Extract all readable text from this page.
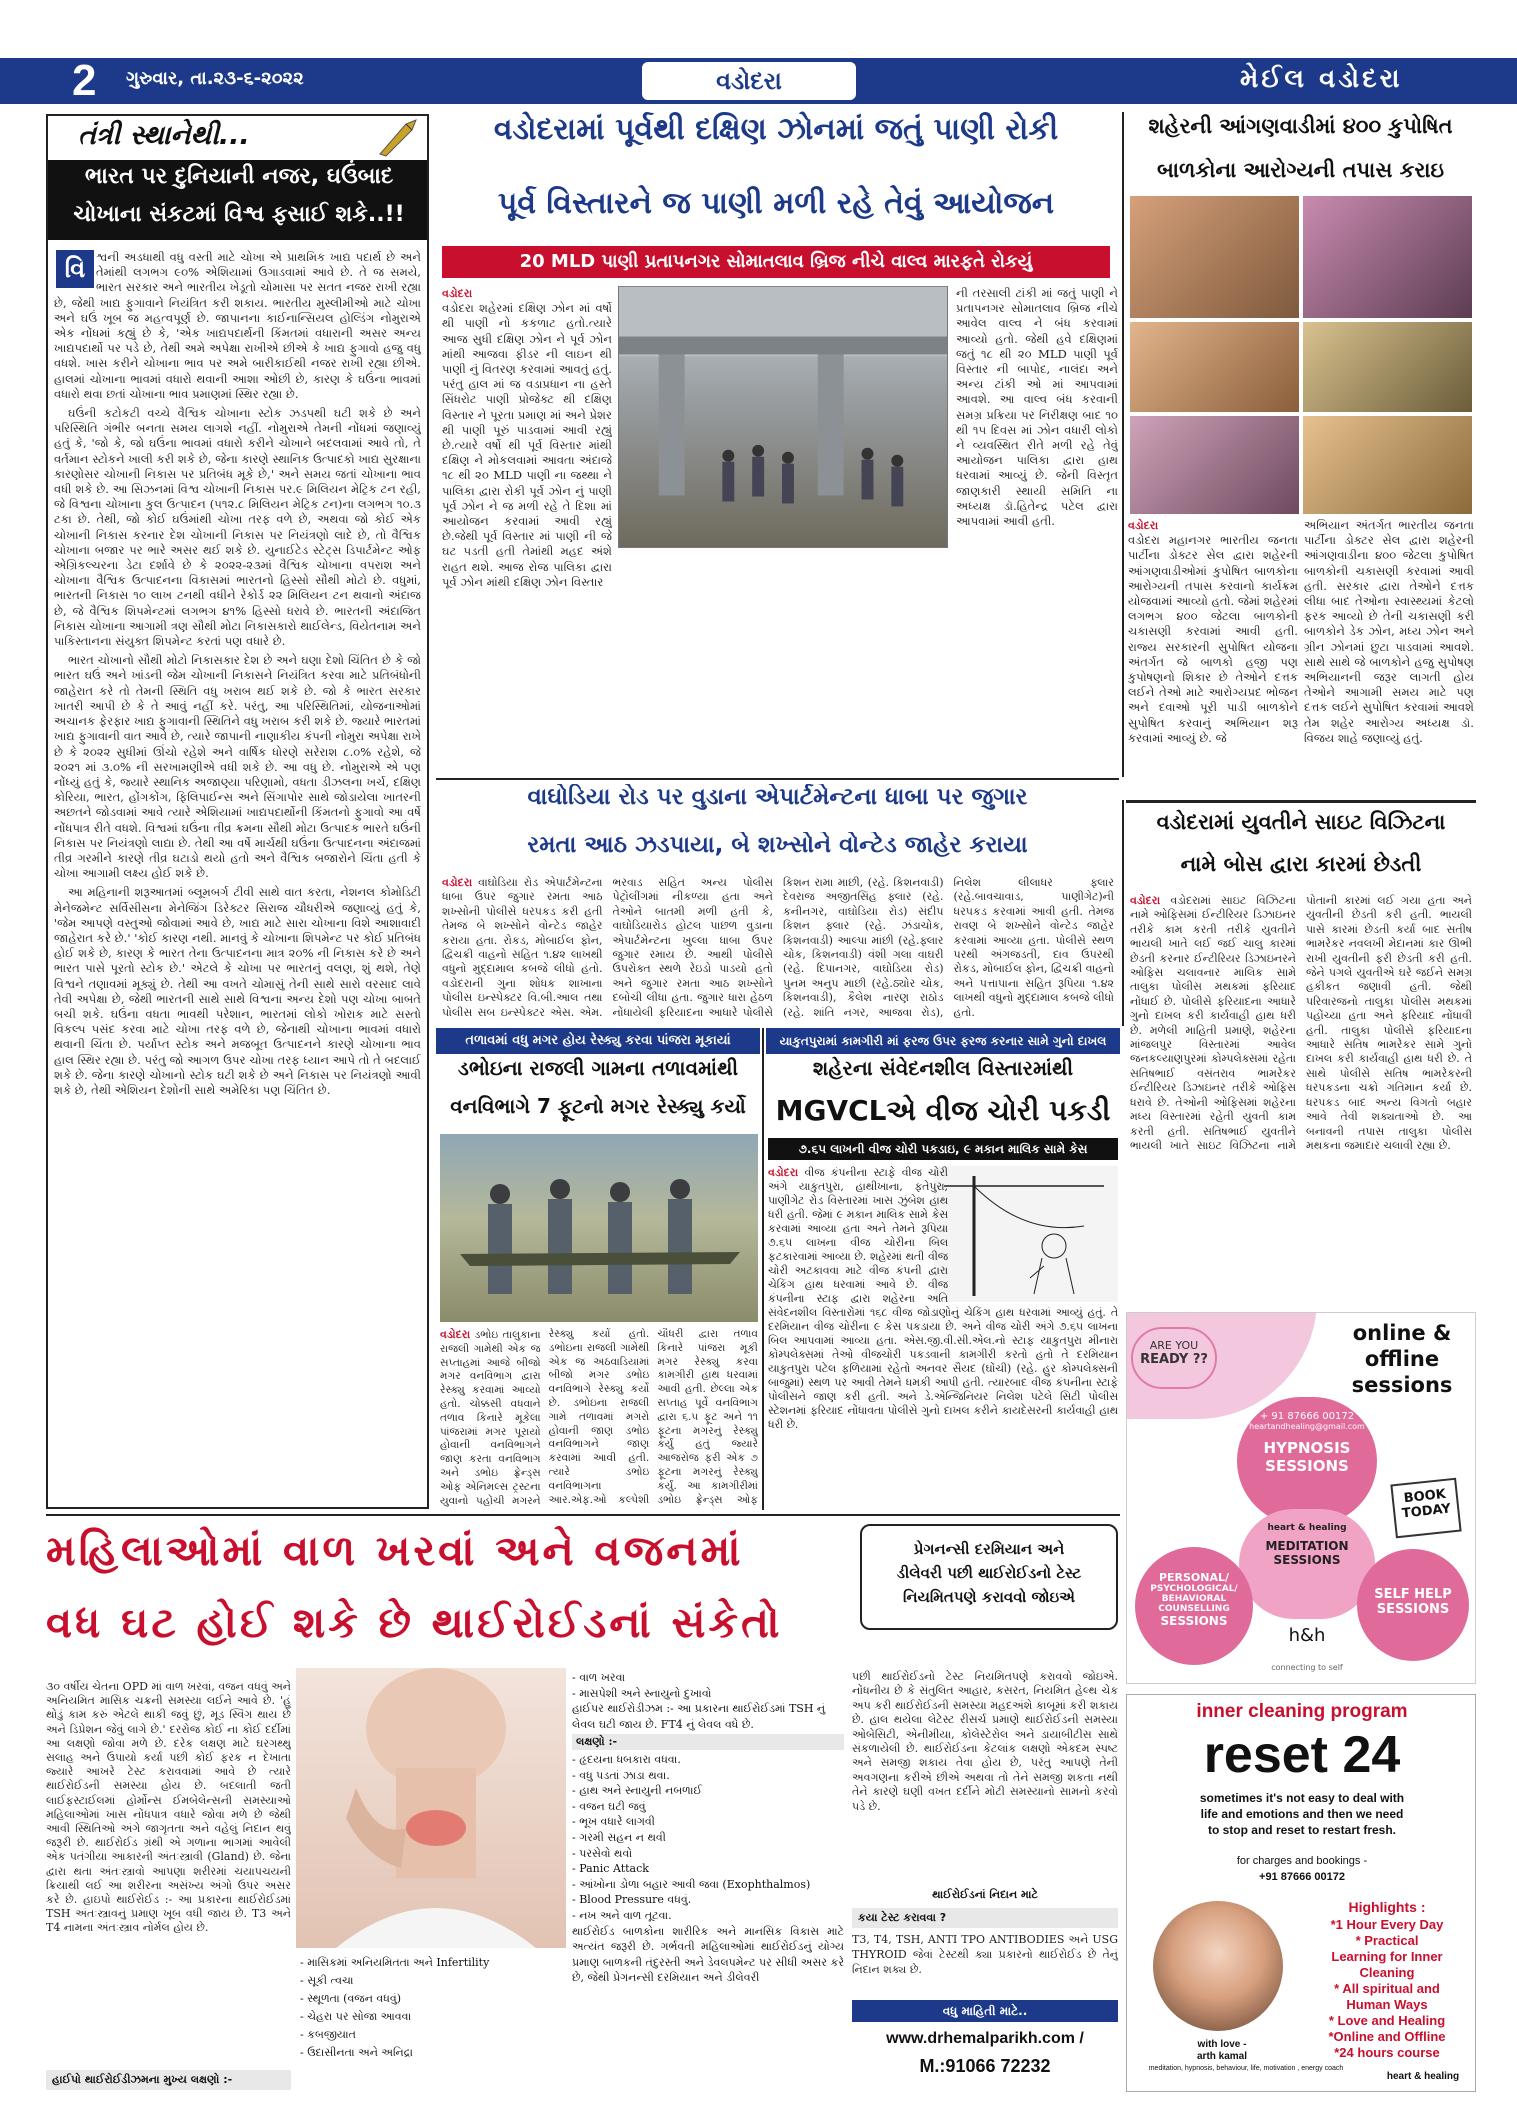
2	ગુરુવાર, તા.૨૩-૬-૨૦૨૨	વડોદરા	મેઈલ વડોદરા
તંત્રી સ્થાનેથી...
ભારત પર દુનિયાની નજર, ઘઉંબાદ
ચોખાના સંકટમાં વિશ્વ ફસાઈ શકે..!!
વિ શ્વની અડધાથી વધુ વસ્તી માટે ચોખા એ પ્રાથમિક ખાદ્ય પદાર્થ છે અને તેમાંથી લગભગ ૯૦% એશિયામાં ઉગાડવામાં આવે છે. તે જ સમયે, ભારત સરકાર અને ભારતીય ખેડૂતો ચોમાસા પર સતત નજર રાખી રહ્યા છે, જેથી ખાદ્ય ફુગાવાને નિયંત્રિત કરી શકાય. ભારતીય મુસ્લીમીઓ માટે ચોખા અને ઘઉં ખૂબ જ મહત્વપૂર્ણ છે. જાપાનના કાઈનાન્સિયલ હોલ્ડિંગ નોમુરાએ એક નોંધમાં કહ્યું છે કે, 'એક ખાદ્યપદાર્થની કિંમતમાં વધારાની અસર અન્ય ખાદ્યપદાર્થો પર પડે છે, તેથી અમે અપેક્ષા રાખીએ છીએ કે ખાદ્ય ફુગાવો હજુ વધુ વધશે. ખાસ કરીને ચોખાના ભાવ પર અમે બારીકાઈથી નજર રાખી રહ્યા છીએ. હાલમાં ચોખાના ભાવમાં વધારો થવાની આશા ઓછી છે, કારણ કે ઘઉંના ભાવમાં વધારો થવા છતાં ચોખાના ભાવ પ્રમાણમાં સ્થિર રહ્યા છે.

ઘઉંની કટોકટી વચ્ચે વૈશ્વિક ચોખાના સ્ટોક ઝડપથી ઘટી શકે છે અને પરિસ્થિતિ ગંભીર બનતા સમય લાગશે નહીં. નોમુરાએ તેમની નોંધમાં જણાવ્યું હતું કે, 'જો કે, જો ઘઉંના ભાવમાં વધારો કરીને ચોખાને બદલવામાં આવે તો, તે વર્તમાન સ્ટોકને ખાલી કરી શકે છે, જેના કારણે સ્થાનિક ઉત્પાદકો ખાદ્ય સુરક્ષાના કારણોસર ચોખાની નિકાસ પર પ્રતિબંધ મૂકે છે,' અને સમય જતાં ચોખાના ભાવ વધી શકે છે. આ સિઝનમાં વિશ્વ ચોખાની નિકાસ પર.૯ મિલિયન મેટ્રિક ટન રહી, જે વિશ્વના ચોખાના કુલ ઉત્પાદન (૫૧૨.૮ મિલિયન મેટ્રિક ટન)ના લગભગ ૧૦.૩ ટકા છે. તેથી, જો કોઈ ઘઉંમાંથી ચોખા તરફ વળે છે, અથવા જો કોઈ એક ચોખાની નિકાસ કરનાર દેશ ચોખાની નિકાસ પર નિયંત્રણો લાદે છે, તો વૈશ્વિક ચોખાના બજાર પર ભારે અસર થઈ શકે છે. યુનાઈટેડ સ્ટેટ્સ ડિપાર્ટમેન્ટ ઓફ એગ્રિકલ્ચરના ડેટા દર્શાવે છે કે ૨૦૨૨-૨૩માં વૈશ્વિક ચોખાના વપરાશ અને ચોખાના વૈશ્વિક ઉત્પાદનના વિકાસમાં ભારતનો હિસ્સો સૌથી મોટો છે. વધુમાં, ભારતની નિકાસ ૧૦ લાખ ટનથી વધીને રેકોર્ડ ૨૨ મિલિયન ટન થવાનો અંદાજ છે, જે વૈશ્વિક શિપમેન્ટમાં લગભગ ૪૧% હિસ્સો ધરાવે છે. ભારતની અંદાજિત નિકાસ ચોખાના આગામી ત્રણ સૌથી મોટા નિકાસકારો થાઈલેન્ડ, વિયેતનામ અને પાકિસ્તાનના સંયુક્ત શિપમેન્ટ કરતાં પણ વધારે છે.

ભારત ચોખાનો સૌથી મોટો નિકાસકાર દેશ છે અને ઘણા દેશો ચિંતિત છે કે જો ભારત ઘઉં અને ખાંડની જેમ ચોખાની નિકાસને નિયંત્રિત કરવા માટે પ્રતિબંધોની જાહેરાત કરે તો તેમની સ્થિતિ વધુ ખરાબ થઈ શકે છે. જો કે ભારત સરકાર ખાતરી આપી છે કે તે આવું નહીં કરે. પરંતુ, આ પરિસ્થિતિમાં, યોજનાઓમાં અચાનક ફેરફાર ખાદ્ય ફુગાવાની સ્થિતિને વધુ ખરાબ કરી શકે છે. જ્યારે ભારતમાં ખાદ્ય ફુગાવાની વાત આવે છે, ત્યારે જાપાની નાણાકીય કંપની નોમુરા અપેક્ષા રાખે છે કે ૨૦૨૨ સુધીમાં ઊંચો રહેશે અને વાર્ષિક ધોરણે સરેરાશ ૮.૦% રહેશે, જે ૨૦૨૧ માં ૩.૦% ની સરખામણીએ વધી શકે છે. આ વધુ છે. નોમુરાએ એ પણ નોંધ્યું હતું કે, જ્યારે સ્થાનિક અજાણ્યા પરિણામો, વધતા ડીઝલના ખર્ચ, દક્ષિણ કોરિયા, ભારત, હોંગકોંગ, ફિલિપાઈન્સ અને સિંગાપોર સાથે જોડાયેલા ખાતરની અછતને જોડવામાં આવે ત્યારે એશિયામાં ખાદ્યપદાર્થોની કિંમતનો ફુગાવો આ વર્ષે નોંધપાત્ર રીતે વધશે. વિશ્વમાં ઘઉંના તીવ્ર ક્રમના સૌથી મોટા ઉત્પાદક ભારતે ઘઉંની નિકાસ પર નિયંત્રણો લાદ્યા છે. તેથી આ વર્ષે માર્ચથી ઘઉંના ઉત્પાદનના અંદાજમાં તીવ્ર ગરમીને કારણે તીવ્ર ઘટાડો થયો હતો અને વૈશ્વિક બજારોને ચિંતા હતી કે ચોખા આગામી લક્ષ્ય હોઈ શકે છે.

આ મહિનાની શરૂઆતમાં બ્લૂમબર્ગ ટીવી સાથે વાત કરતા, નેશનલ કોમોડિટી મેનેજમેન્ટ સર્વિસીસના મેનેજિંગ ડિરેક્ટર સિરાજ ચૌધરીએ જણાવ્યું હતું કે, 'જેમ આપણે વસ્તુઓ જોવામાં આવે છે, ખાદ્ય માટે સારા ચોખાના વિશે આશાવાદી જાહેરાત કરે છે.' 'કોઈ કારણ નથી. માનવું કે ચોખાના શિપમેન્ટ પર કોઈ પ્રતિબંધ હોઈ શકે છે, કારણ કે ભારત તેના ઉત્પાદનના માત્ર ૨૦% ની નિકાસ કરે છે અને ભારત પાસે પૂરતો સ્ટોક છે.' એટલે કે ચોખા પર ભારતનું વલણ, શું થશે, તેણે વિશ્વને તણાવમાં મૂક્યું છે. તેથી આ વખતે ચોમાસું તેની સાથે સારો વરસાદ લાવે તેવી અપેક્ષા છે, જેથી ભારતની સાથે સાથે વિશ્વના અન્ય દેશો પણ ચોખા બાબતે બચી શકે. ઘઉંના વધતા ભાવથી પરેશાન, ભારતમાં લોકો ખોરાક માટે સસ્તો વિકલ્પ પસંદ કરવા માટે ચોખા તરફ વળે છે, જેનાથી ચોખાના ભાવમાં વધારો થવાની ચિંતા છે. પર્યાપ્ત સ્ટોક અને મજબૂત ઉત્પાદનને કારણે ચોખાના ભાવ હાલ સ્થિર રહ્યા છે. પરંતુ જો આગળ ઉપર ચોખા તરફ ધ્યાન આપે તો તે બદલાઈ શકે છે. જેના કારણે ચોખાનો સ્ટોક ઘટી શકે છે અને નિકાસ પર નિયંત્રણો આવી શકે છે, તેથી એશિયન દેશોની સાથે અમેરિકા પણ ચિંતિત છે.

વડોદરામાં પૂર્વથી દક્ષિણ ઝોનમાં જતું પાણી રોકી
પૂર્વ વિસ્તારને જ પાણી મળી રહે તેવું આયોજન
20 MLD પાણી પ્રતાપનગર સોમાતલાવ બ્રિજ નીચે વાલ્વ મારફતે રોકયું
વડોદરા
વડોદરા શહેરમાં દક્ષિણ ઝોન માં વર્ષો થી પાણી નો કકળાટ હતો.ત્યારે આજ સુધી દક્ષિણ ઝોન ને પૂર્વ ઝોન માંથી આજવા ફીડર ની લાઇન થી પાણી નું વિતરણ કરવામાં આવતું હતું. પરંતુ હાલ માં જ વડાપ્રધાન ના હસ્તે સિંધરોટ પાણી પ્રોજેક્ટ થી દક્ષિણ વિસ્તાર ને પૂરતા પ્રમાણ માં અને પ્રેશર થી પાણી પૂરું પાડવામાં આવી રહ્યું છે.ત્યારે વર્ષો થી પૂર્વ વિસ્તાર માંથી દક્ષિણ ને મોકલવામાં આવતા અંદાજે ૧૮ થી ૨૦ MLD પાણી ના જથ્થા ને પાલિકા દ્વારા રોકી પૂર્વ ઝોન નું પાણી પૂર્વ ઝોન ને જ મળી રહે તે દિશા માં આયોજન કરવામાં આવી રહ્યું છે.જેથી પૂર્વ વિસ્તાર માં પાણી ની જે ઘટ પડતી હતી તેમાંથી મહદ અંશે રાહત થશે. આજ રોજ પાલિકા દ્વારા પૂર્વ ઝોન માંથી દક્ષિણ ઝોન વિસ્તાર
ની તરસાલી ટાંકી માં જતું પાણી ને પ્રતાપનગર સોમાતલાવ બ્રિજ નીચે આવેલ વાલ્વ ને બંધ કરવામાં આવ્યો હતો. જેથી હવે દક્ષિણમાં જતું ૧૮ થી ૨૦ MLD પાણી પૂર્વ વિસ્તાર ની બાપોદ, નાલંદા અને અન્ય ટાંકી ઓ માં આપવામાં આવશે. આ વાલ્વ બંધ કરવાની સમગ્ર પ્રક્રિયા પર નિરીક્ષણ બાદ ૧૦ થી ૧૫ દિવસ માં ઝોન વધારી લોકો ને વ્યવસ્થિત રીતે મળી રહે તેવું આયોજન પાલિકા દ્વારા હાથ ધરવામાં આવ્યું છે. જેની વિસ્તૃત જાણકારી સ્થાયી સમિતિ ના અધ્યક્ષ ડૉ.હિતેન્દ્ર પટેલ દ્વારા આપવામાં આવી હતી.
શહેરની આંગણવાડીમાં ૪૦૦ કુપોષિત
બાળકોના આરોગ્યની તપાસ કરાઇ
વડોદરા
વડોદરા મહાનગર ભારતીય જનતા પાર્ટીના ડોક્ટર સેલ દ્વારા શહેરની આંગણવાડીઓમાં કુપોષિત બાળકોના આરોગ્યની તપાસ કરવાનો કાર્યક્રમ યોજવામાં આવ્યો હતો. જેમાં શહેરમાં લગભગ ૪૦૦ જેટલા બાળકોની ચકાસણી કરવામાં આવી હતી. રાજ્ય સરકારની સુપોષિત યોજના અંતર્ગત જે બાળકો હજી પણ કુપોષણનો શિકાર છે તેઓને દત્તક લઈને તેઓ માટે આરોગ્યપ્રદ ભોજન અને દવાઓ પૂરી પાડી બાળકોને સુપોષિત કરવાનું અભિયાન શરૂ કરવામાં આવ્યું છે. જે
અભિયાન અંતર્ગત ભારતીય જનતા પાર્ટીના ડોક્ટર સેલ દ્વારા શહેરની આંગણવાડીના ૪૦૦ જેટલા કુપોષિત બાળકોની ચકાસણી કરવામાં આવી હતી. સરકાર દ્વારા તેઓને દત્તક લીધા બાદ તેઓના સ્વાસ્થ્યમાં કેટલો ફરક આવ્યો છે તેની ચકાસણી કરી બાળકોને ડેક ઝોન, મધ્ય ઝોન અને ગ્રીન ઝોનમાં છુટા પાડવામાં આવશે. સાથે સાથે જે બાળકોને હજુ સુપોષણ અભિયાનની જરૂર લાગતી હોય તેઓને આગામી સમય માટે પણ દત્તક લઈને સુપોષિત કરવામાં આવશે તેમ શહેર આરોગ્ય અધ્યક્ષ ડૉ. વિજય શાહે જણાવ્યું હતું.
વાઘોડિયા રોડ પર વુડાના એપાર્ટમેન્ટના ધાબા પર જુગાર
રમતા આઠ ઝડપાયા, બે શખ્સોને વોન્ટેડ જાહેર કરાયા
વડોદરા વાઘોડિયા રોડ એપાર્ટમેન્ટના ધાબા ઉપર જુગાર રમતા આઠ શખ્સોની પોલીસે ધરપકડ કરી હતી તેમજ બે શખ્સોને વોન્ટેડ જાહેર કરાયા હતા. રોકડ, મોબાઈલ ફોન, દ્વિચક્રી વાહનો સહિત ૧.૪૨ લાખથી વધુનો મુદ્દામાલ કબજે લીધો હતો. વડોદરાની ગુના શોધક શાખાના પોલીસ ઇન્સ્પેક્ટર વિ.બી.આલ તથા પોલીસ સબ ઇન્સ્પેક્ટર એસ. એમ. ભરવાડ સહિત અન્ય પોલીસ પેટ્રોલીંગમાં નીકળ્યા હતા અને તેઓને બાતમી મળી હતી કે, વાઘોડિયારોડ હોટલ પાછળ વુડાના એપાર્ટમેન્ટના ખુલ્લા ધાબા ઉપર જુગાર રમાય છે. આથી પોલીસે ઉપરોક્ત સ્થળે રેઇડો પાડયો હતો અને જુગાર રમતા આઠ શખ્સોને દબોચી લીધા હતા. જુગાર ધારા હેઠળ નોંધાયેલી ફરિયાદના આધારે પોલીસે કિશન રામા માછી, (રહે. કિશનવાડી) દેવરાજ અજીતસિંહ ફ્લાર (રહે. કનીનગર, વાઘોડિયા રોડ) સંદીપ કિશન ફ્લાર (રહે. ઝંડાચોક, કિશનવાડી) આલ્પા માંછી (રહે.ફ્લાર ચોક, કિશનવાડી) વંશી ગલા વાઘરી (રહે. દિપાનગર, વાઘોડિયા રોડ) પુનમ અનુપ માછી (રહે.ઠ્યોર ચોક, કિશનવાડી), કૈલેશ નારણ રાઠોડ (રહે. શાંતિ નગર, આજવા રોડ), નિલેશ લીલાધર ફ્લાર (રહે.બાવચાવાડ, પાણીગેટ)ની ધરપકડ કરવામાં આવી હતી. તેમજ રાવણ બે શખ્સોને વોન્ટેડ જાહેર કરવામાં આવ્યા હતા. પોલીસે સ્થળ પરથી અંગજડતી, દાવ ઉપરથી રોકડ, મોબાઈલ ફોન, દ્વિચક્રી વાહનો અને પત્તાપાના સહિત રૂપિયા ૧.૪૨ લાખથી વધુનો મુદ્દામાલ કબજે લીધો હતો.
વડોદરામાં યુવતીને સાઇટ વિઝિટના
નામે બોસ દ્વારા કારમાં છેડતી
વડોદરા વડોદરામાં સાઇટ વિઝિટના નામે ઓફિસમાં ઈન્ટીરિયર ડિઝાઇનર તરીકે કામ કરતી તરીકે યુવતીને ભાયલી ખાતે લઈ જઈ ચાલુ કારમાં છેડતી કરનાર ઈન્ટીરિયર ડિઝાઇનરને ઓફિસ ચલાવનાર માલિક સામે તાલુકા પોલીસ મથકમાં ફરિયાદ નોંધાઈ છે. પોલીસે ફરિયાદના આધારે ગુનો દાખલ કરી કાર્યવાહી હાથ ધરી છે. મળેલી માહિતી પ્રમાણે, શહેરના માંજલપુર વિસ્તારમાં આવેલ જનકલ્યાણપુરમાં કોમ્પલેક્સમાં રહેતા સતિષભાઈ વસંતરાવ ભામરેકર ઈન્ટીરિયર ડિઝાઇનર તરીકે ઓફિસ ધરાવે છે. તેઓની ઓફિસમાં શહેરના મધ્ય વિસ્તારમાં રહેતી યુવતી કામ કરતી હતી. સતિષભાઈ યુવતીને ભાયલી ખાતે સાઇટ વિઝિટના નામે પોતાની કારમાં લઈ ગયા હતા અને યુવતીની છેડતી કરી હતી. ભાયલી પાસે કારમાં છેડતી કર્યા બાદ સતીષ ભામરેકર નવલખી મેદાનમાં કાર ઊભી રાખી યુવતીની ફરી છેડતી કરી હતી. જેને પગલે યુવતીએ ઘરે જઈને સમગ્ર હકીકત જણાવી હતી. જેથી પરિવારજનો તાલુકા પોલીસ મથકમાં પહોંચ્યા હતા અને ફરિયાદ નોંધાવી હતી. તાલુકા પોલીસે ફરિયાદના આધારે સતિષ ભામરેકર સામે ગુનો દાખલ કરી કાર્યવાહી હાથ ધરી છે. તે સાથે પોલીસે સતિષ ભામરેકરની ધરપકડના ચક્રો ગતિમાન કર્યા છે. ધરપકડ બાદ અન્ય વિગતો બહાર આવે તેવી શક્યતાઓ છે. આ બનાવની તપાસ તાલુકા પોલીસ મથકના જમાદાર ચલાવી રહ્યા છે.
તળાવમાં વધુ મગર હોય રેસ્ક્યુ કરવા પાંજરા મૂકાયાં
ડભોઇના રાજલી ગામના તળાવમાંથી
વનવિભાગે 7 ફૂટનો મગર રેસ્ક્યુ કર્યો
વડોદરા ડભોઇ તાલુકાના રાજલી ગામેથી એક જ સપ્તાહમાં આજે બીજો મગર વનવિભાગ દ્વારા રેસ્ક્યુ કરવામાં આવ્યો હતો. ચોક્કસી વધવાને તળાવ કિનારે મૂકેલા પાંજરામાં મગર પૂરાયો હોવાની વનવિભાગને જાણ કરતા વનવિભાગ અને ડભોઇ ફ્રેન્ડ્સ ઓફ એનિમલ્સ ટ્રસ્ટના યુવાનો પહોંચી મગરને રેસ્ક્યુ કર્યો હતો. ડભોઇના રાજલી ગામેથી એક જ અઠવાડિયામાં બીજો મગર ડભોઇ વનવિભાગે રેસ્ક્યુ કર્યો છે. ડભોઇના રાજલી ગામે તળાવમાં મગરો હોવાની જાણ ડભોઇ વનવિભાગને જાણ કરવામાં આવી હતી. ત્યારે ડભોઇ વનવિભાગના આર.એફ.ઓ કલ્પેશી ચૌધરી દ્વારા તળાવ કિનારે પાંજરા મૂકી મગર રેસ્ક્યુ કરવા કામગીરી હાથ ધરવામાં આવી હતી. છેલ્લા એક સપ્તાહ પૂર્વે વનવિભાગ દ્વારા ૬.૫ ફૂટ અને ૧૧ ફૂટના મગરનું રેસ્ક્યુ કર્યું હતું જ્યારે આજરોજ ફરી એક ૭ ફૂટના મગરનું રેસ્ક્યુ કર્યું. આ કામગીરીમાં ડભોઇ ફ્રેન્ડ્સ ઓફ
યાકુતપુરામાં કામગીરી માં ફરજ ઉપર ફરજ કરનાર સામે ગુનો દાખલ
શહેરના સંવેદનશીલ વિસ્તારમાંથી
MGVCLએ વીજ ચોરી પકડી
૭.૬૫ લાખની વીજ ચોરી પકડાઇ, ૯ મકાન માલિક સામે કેસ
વડોદરા વીજ કંપનીના સ્ટાફે વીજ ચોરી અંગે યાકુતપુરા, હાથીખાના, ફતેપુરા, પાણીગેટ રોડ વિસ્તારમાં ખાસ ઝુંબેશ હાથ ધરી હતી. જેમાં ૯ મકાન માલિક સામે કેસ કરવામાં આવ્યા હતા અને તેમને રૂપિયા ૭.૬૫ લાખના વીજ ચોરીના બિલ ફટકારવામાં આવ્યા છે. શહેરમાં થતી વીજ ચોરી અટકાવવા માટે વીજ કંપની દ્વારા ચેકિંગ હાથ ધરવામાં આવે છે. વીજ કંપનીના સ્ટાફ દ્વારા શહેરના અતિ સંવેદનશીલ વિસ્તારોમાં ૧૬૮ વીજ જોડાણોનું ચેકિંગ હાથ ધરવામાં આવ્યું હતું. તે દરમિયાન વીજ ચોરીના ૯ કેસ પકડાયા છે. અને વીજ ચોરી અંગે ૭.૬૫ લાખના બિલ આપવામાં આવ્યા હતા. એસ.જી.વી.સી.એલ.નો સ્ટાફ યાકુતપુરા મીનારા કોમ્પલેક્સમાં તેઓ વીજચોરી પકડવાની કામગીરી કરતો હતો તે દરમિયાન યાકુતપુરા પટેલ ફળિયામાં રહેતો અનવર સૈયદ (ઘોંચી) (રહે. હુર કોમ્પલેક્સની બાજુમાં) સ્થળ પર આવી તેમને ધમકી આપી હતી. ત્યારબાદ વીજ કંપનીના સ્ટાફે પોલીસને જાણ કરી હતી. અને ડે.એન્જિનિયર નિલેશ પટેલે સિટી પોલીસ સ્ટેશનમાં ફરિયાદ નોંધાવતા પોલીસે ગુનો દાખલ કરીને કાયદેસરની કાર્યવાહી હાથ ધરી છે.
ARE YOU
READY ??
online &
offline
sessions
+ 91 87666 00172
heartandhealing@gmail.com
HYPNOSIS
SESSIONS
BOOK
TODAY
heart & healing
MEDITATION
SESSIONS
PERSONAL/
PSYCHOLOGICAL/
BEHAVIORAL
COUNSELLING
SESSIONS
SELF HELP
SESSIONS
h&h
connecting to self
મહિલાઓમાં વાળ ખરવાં અને વજનમાં
વધ ઘટ હોઈ શકે છે થાઈરોઈડનાં સંકેતો
પ્રેગનન્સી દરમિયાન અને
ડીલેવરી પછી થાઈરોઈડનો ટેસ્ટ
નિયમિતપણે કરાવવો જોઇએ
૩૦ વર્ષીય ચેતના OPD માં વાળ ખરવાં, વજન વધવું અને અનિયમિત માસિક ચક્રની સમસ્યા લઈને આવે છે. 'હું થોડું કામ કરું એટલે થાકી જવું છું, મૂડ સ્વિંગ થાય છે અને ડિપ્રેશન જેવું લાગે છે.' દરરોજ કોઈ ના કોઈ દર્દીમાં આ લક્ષણો જોવા મળે છે. દરેક લક્ષણ માટે ઘરગથ્થુ સલાહ અને ઉપાયો કર્યા પછી કોઈ ફરક ન દેખાતા જ્યારે આખરે ટેસ્ટ કરાવવામાં આવે છે ત્યારે થાઈરોઈડની સમસ્યા હોય છે. બદલાતી જતી લાઈફસ્ટાઈલમાં હોર્મોન્સ ઈમબેલેન્સની સમસ્યાઓ મહિલાઓમાં ખાસ નોંધપાત્ર વધારે જોવા મળે છે જેથી આવી સ્થિતિઓ અંગે જાગૃતતા અને વહેલું નિદાન થવું જરૂરી છે. થાઈરોઈડ ગ્રંથી એ ગળાના ભાગમાં આવેલી એક પતંગીયા આકારની અંતઃસ્ત્રાવી (Gland) છે. જેના દ્વારા થતા અંતઃસ્ત્રાવો આપણા શરીરમાં ચયાપચયની ક્રિયાથી લઈ આ શરીરના અસંખ્ય અંગો ઉપર અસર કરે છે. હાઇપો થાઈરોઈડ :- આ પ્રકારના થાઈરોઈડમાં TSH અંતઃસ્ત્રાવનું પ્રમાણ ખૂબ વધી જાય છે. T3 અને T4 નામના અંતઃસ્ત્રાવ નોર્મલ હોય છે.
હાઈપો થાઈરોઈડીઝમના મુખ્ય લક્ષણો :-
- માસિકમાં અનિયમિતતા અને Infertility
- સૂકી ત્વચા
- સ્થૂળતા (વજન વધવું)
- ચેહરા પર સોજા આવવા
- કબજીયાત
- ઉદાસીનતા અને અનિદ્રા
- વાળ ખરવા
- માસપેશી અને સ્નાયુનો દુખાવો
હાઈપર થાઈરોડીઝમ :- આ પ્રકારના થાઈરોઈડમાં TSH નું લેવલ ઘટી જાય છે. FT4 નું લેવલ વધે છે.
લક્ષણો :-
- હૃદયના ધબકારા વધવા.
- વધુ પડતાં ઝાડા થવા.
- હાથ અને સ્નાયુની નબળાઈ
- વજન ઘટી જવું
- ભૂખ વધારે લાગવી
- ગરમી સહન ન થવી
- પરસેવો થવો
- Panic Attack
- આંખોના ડોળા બહાર આવી જવા (Exophthalmos)
- Blood Pressure વધવું.
- નખ અને વાળ તૂટવા.
થાઈરોઈડ બાળકોના શારીરિક અને માનસિક વિકાસ માટે અત્યંત જરૂરી છે. ગર્ભવતી મહિલાઓમાં થાઈરોઈડનું યોગ્ય પ્રમાણ બાળકની તંદુરસ્તી અને ડેવલપમેન્ટ પર સીધી અસર કરે છે, જેથી પ્રેગનન્સી દરમિયાન અને ડીલેવરી
પછી થાઈરોઈડનો ટેસ્ટ નિયમિતપણે કરાવવો જોઇએ. નોંધનીય છે કે સંતુલિત આહાર, કસરત, નિયમિત હેલ્થ ચેક અપ કરી થાઈરોઈડની સમસ્યા મહદઅંશે કાબૂમાં કરી શકાય છે. હાલ થયેલા લેટેસ્ટ રીસર્ચ પ્રમાણે થાઈરોઈડની સમસ્યા ઓબેસિટી, એનીમીયા, કોલેસ્ટેરોલ અને ડાયાબીટીસ સાથે સંકળાયેલી છે. થાઈરોઈડના કેટલાંક લક્ષણો એકદમ સ્પષ્ટ અને સમજી શકાય તેવા હોય છે, પરંતુ આપણે તેની અવગણના કરીએ છીએ અથવા તો તેને સમજી શકતા નથી તેને કારણે ઘણી વખત દર્દીને મોટી સમસ્યાનો સામનો કરવો પડે છે.
થાઈરોઈડનાં નિદાન માટે
કયા ટેસ્ટ કરાવવા ?
T3, T4, TSH, ANTI TPO ANTIBODIES અને USG THYROID જેવાં ટેસ્ટથી ક્યા પ્રકારનો થાઈરોઈડ છે તેનું નિદાન શક્ય છે.
વધુ માહિતી માટે..
www.drhemalparikh.com /
M.:91066 72232
inner cleaning program
reset 24
sometimes it's not easy to deal with
life and emotions and then we need
to stop and reset to restart fresh.
for charges and bookings -
+91 87666 00172
Highlights :
*1 Hour Every Day
* Practical
Learning for Inner
Cleaning
* All spiritual and
Human Ways
* Love and Healing
*Online and Offline
*24 hours course
with love -
arth kamal
meditation, hypnosis, behaviour, life, motivation , energy coach
heart & healing
